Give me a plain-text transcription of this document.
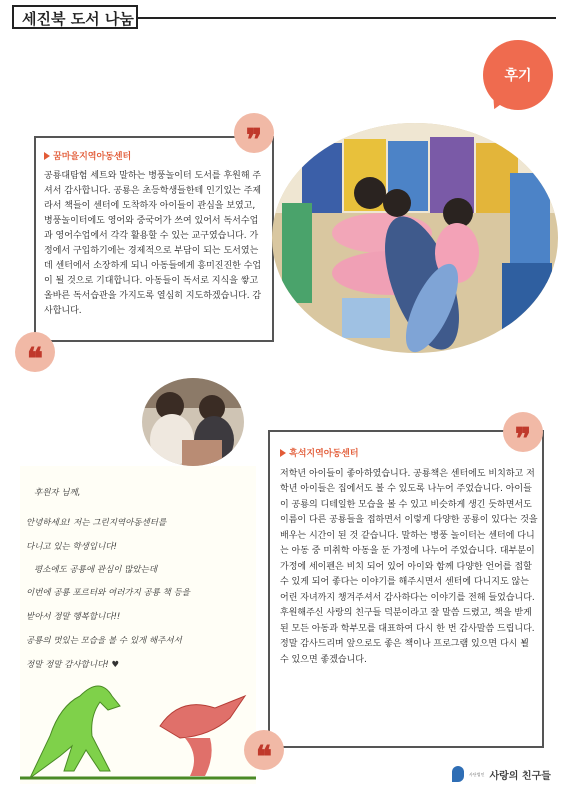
세진북 도서 나눔
후기
꿈마을지역아동센터
공룡대탐험 세트와 말하는 병풍놀이터 도서를 후원해 주셔서 감사합니다. 공룡은 초등학생들한테 인기있는 주제라서 책들이 센터에 도착하자 아이들이 관심을 보였고, 병풍놀이터에도 영어와 중국어가 쓰여 있어서 독서수업과 영어수업에서 각각 활용할 수 있는 교구였습니다. 가정에서 구입하기에는 경제적으로 부담이 되는 도서였는데 센터에서 소장하게 되니 아동들에게 흥미진진한 수업이 될 것으로 기대합니다. 아동들이 독서로 지식을 쌓고 올바른 독서습관을 가지도록 열심히 지도하겠습니다. 감사합니다.
❞
❝
후원자 님께,
안녕하세요! 저는 그린지역아동센터를
다니고 있는 학생입니다!
평소에도 공룡에 관심이 많았는데
이번에 공룡 포르터와 여러가지 공룡 책 등을
받아서 정말 행복합니다!!
공룡의 멋있는 모습을 볼 수 있게 해주셔서
정말 정말 감사합니다! ♥
흑석지역아동센터
저학년 아이들이 좋아하였습니다. 공룡책은 센터에도 비치하고 저학년 아이들은 집에서도 볼 수 있도록 나누어 주었습니다. 아이들이 공룡의 디테일한 모습을 볼 수 있고 비슷하게 생긴 듯하면서도 이름이 다른 공룡들을 접하면서 이렇게 다양한 공룡이 있다는 것을 배우는 시간이 된 것 같습니다. 말하는 병풍 놀이터는 센터에 다니는 아동 중 미취학 아동을 둔 가정에 나누어 주었습니다. 대부분이 가정에 세이펜은 비치 되어 있어 아이와 함께 다양한 언어를 접할 수 있게 되어 좋다는 이야기를 해주시면서 센터에 다니지도 않는 어린 자녀까지 챙겨주셔서 감사하다는 이야기를 전해 들었습니다. 후원해주신 사랑의 친구들 덕분이라고 잘 말씀 드렸고, 책을 받게 된 모든 아동과 학부모를 대표하여 다시 한 번 감사말씀 드립니다. 정말 감사드리며 앞으로도 좋은 책이나 프로그램 있으면 다시 뵐 수 있으면 좋겠습니다.
❞
❝	사단법인 사랑의 친구들
